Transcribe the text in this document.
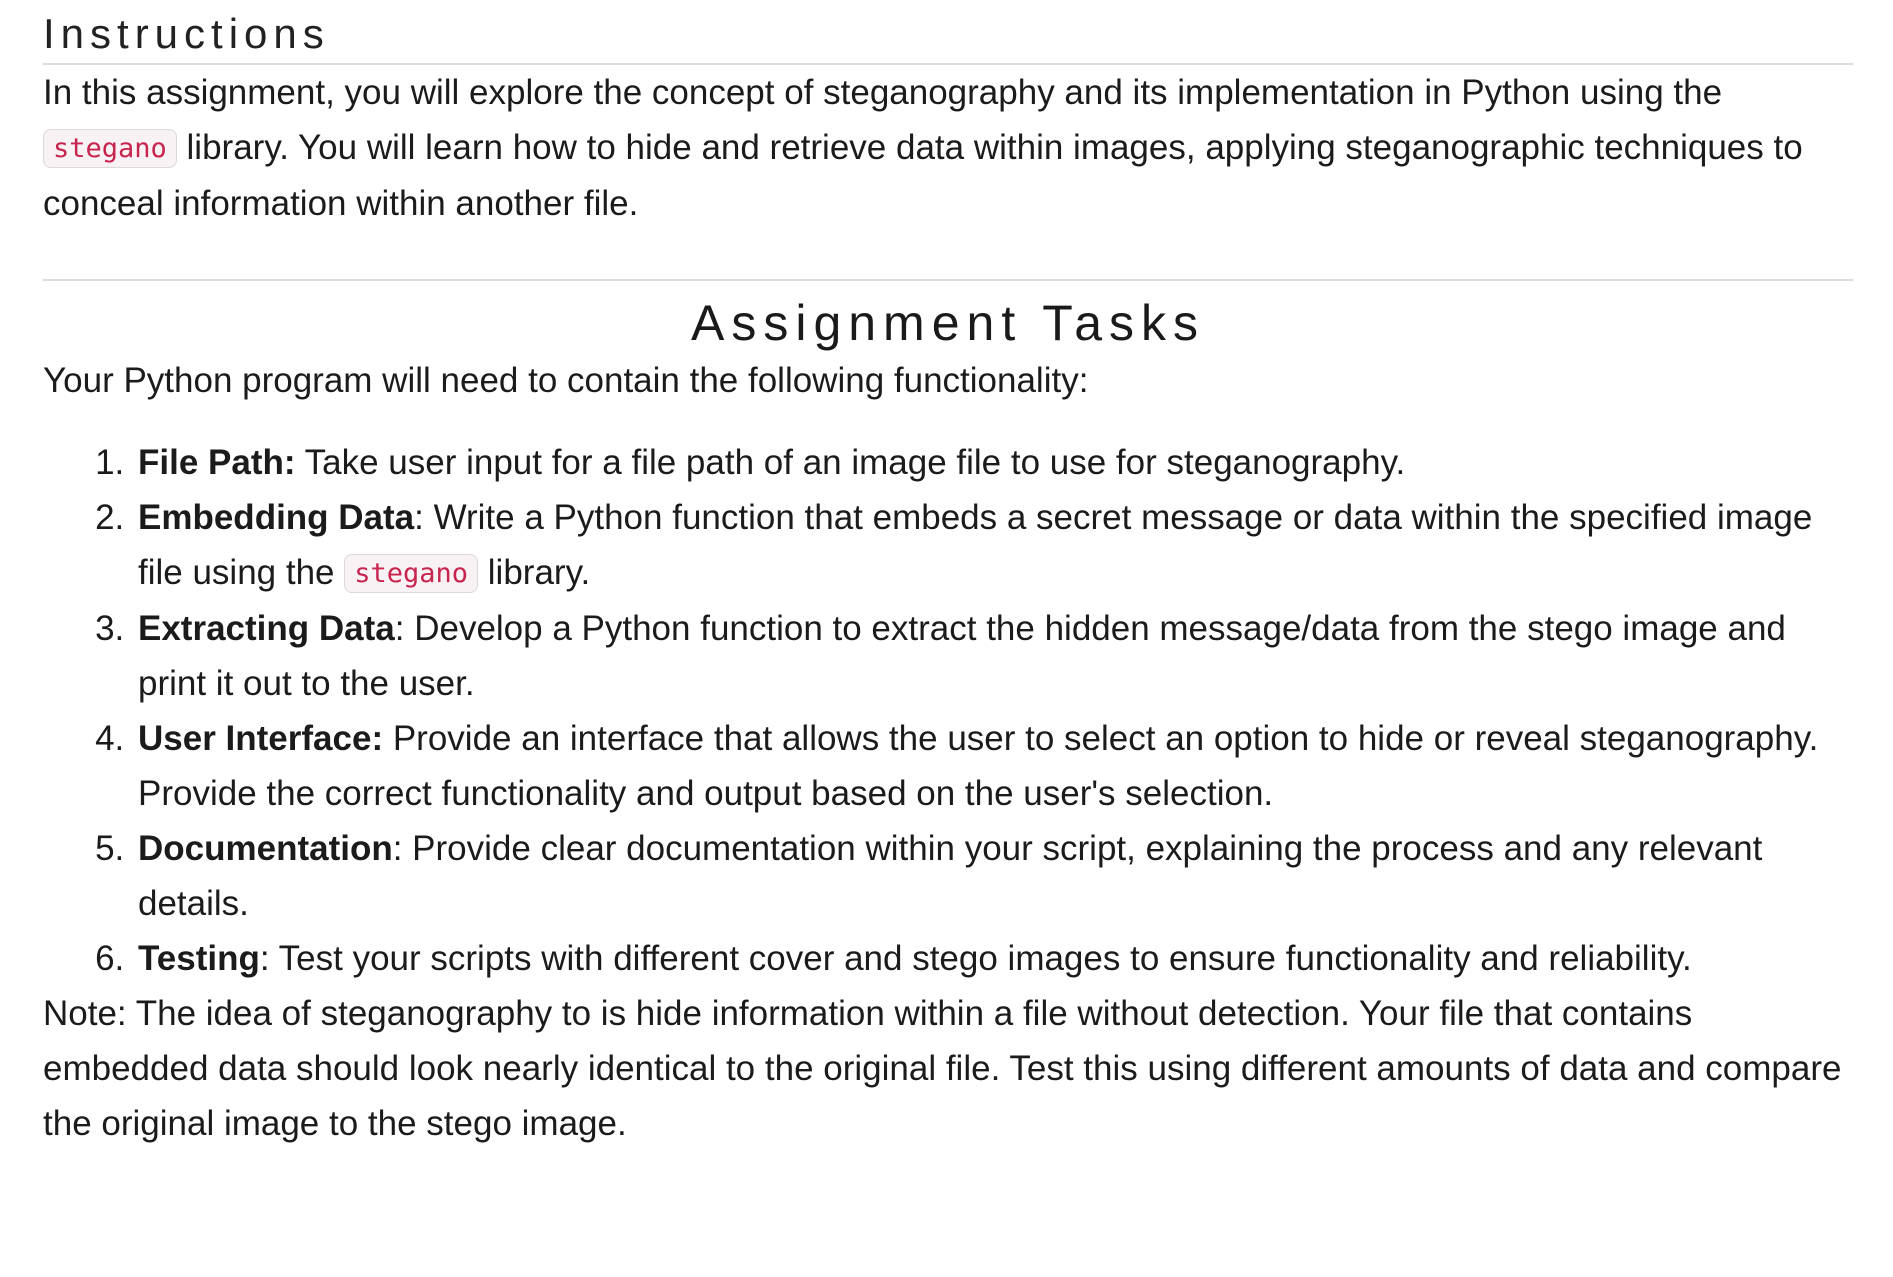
Instructions

In this assignment, you will explore the concept of steganography and its implementation in Python using the stegano library. You will learn how to hide and retrieve data within images, applying steganographic techniques to conceal information within another file.

Assignment Tasks

Your Python program will need to contain the following functionality:

1. File Path: Take user input for a file path of an image file to use for steganography.
2. Embedding Data: Write a Python function that embeds a secret message or data within the specified image file using the stegano library.
3. Extracting Data: Develop a Python function to extract the hidden message/data from the stego image and print it out to the user.
4. User Interface: Provide an interface that allows the user to select an option to hide or reveal steganography. Provide the correct functionality and output based on the user's selection.
5. Documentation: Provide clear documentation within your script, explaining the process and any relevant details.
6. Testing: Test your scripts with different cover and stego images to ensure functionality and reliability.

Note: The idea of steganography to is hide information within a file without detection. Your file that contains embedded data should look nearly identical to the original file. Test this using different amounts of data and compare the original image to the stego image.
